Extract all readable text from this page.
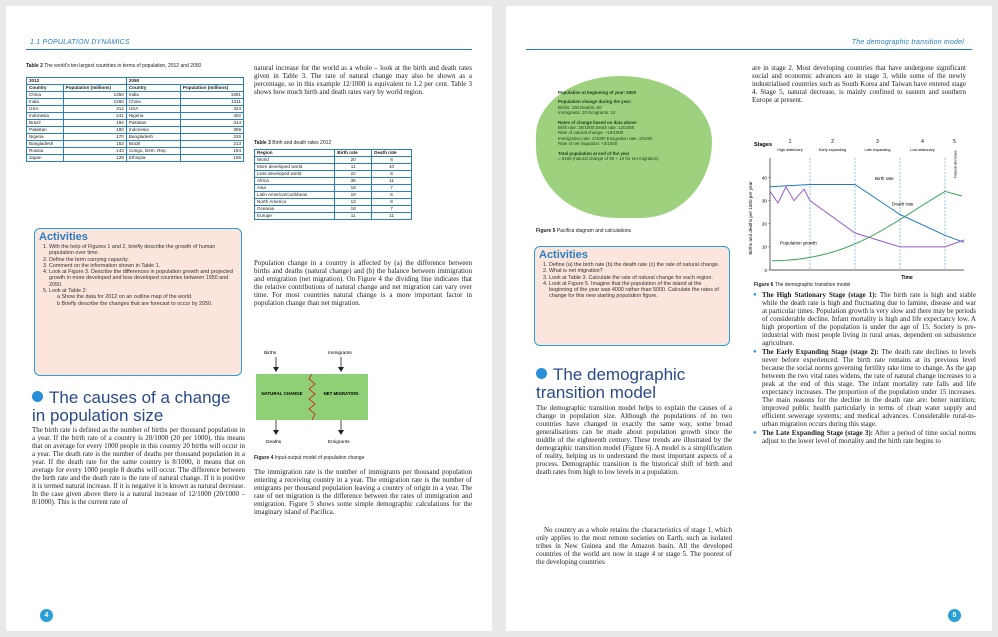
1.1 POPULATION DYNAMICS
Table 2 The world's ten largest countries in terms of population, 2012 and 2050
2012		2050	
Country	Population (millions)	Country	Population (millions)
China	1350	India	1691
India	1260	China	1311
USA	314	USA	423
Indonesia	241	Nigeria	402
Brazil	194	Pakistan	314
Pakistan	180	Indonesia	309
Nigeria	170	Bangladesh	226
Bangladesh	153	Brazil	213
Russia	143	Congo, Dem. Rep.	194
Japan	128	Ethiopia	166
natural increase for the world as a whole – look at the birth and death rates given in Table 3. The rate of natural change may also be shown as a percentage, so in this example 12/1000 is equivalent to 1.2 per cent. Table 3 shows how much birth and death rates vary by world region.
Table 3 Birth and death rates 2012
Region	Birth rate	Death rate
World	20	8
More developed world	11	10
Less developed world	22	8
Africa	36	11
Asia	18	7
Latin America/Caribbean	19	6
North America	13	8
Oceania	18	7
Europe	11	11
Activities
1. With the help of Figures 1 and 2, briefly describe the growth of human population over time.
2. Define the term carrying capacity.
3. Comment on the information shown in Table 1.
4. Look at Figure 3. Describe the differences in population growth and projected growth in more developed and less developed countries between 1950 and 2050.
5. Look at Table 2:
a Show the data for 2012 on an outline map of the world.
b Briefly describe the changes that are forecast to occur by 2050.
Population change in a country is affected by (a) the difference between births and deaths (natural change) and (b) the balance between immigration and emigration (net migration). On Figure 4 the dividing line indicates that the relative contributions of natural change and net migration can vary over time. For most countries natural change is a more important factor in population change than net migration.
Births	Immigrants
NATURAL CHANGE	NET MIGRATION
Deaths	Emigrants
Figure 4 Input-output model of population change
The causes of a change in population size
The birth rate is defined as the number of births per thousand population in a year. If the birth rate of a country is 20/1000 (20 per 1000), this means that on average for every 1000 people in this country 20 births will occur in a year. The death rate is the number of deaths per thousand population in a year. If the death rate for the same country is 8/1000, it means that on average for every 1000 people 8 deaths will occur. The difference between the birth rate and the death rate is the rate of natural change. If it is positive it is termed natural increase. If it is negative it is known as natural decrease. In the case given above there is a natural increase of 12/1000 (20/1000 – 8/1000). This is the current rate of
The immigration rate is the number of immigrants per thousand population entering a receiving country in a year. The emigration rate is the number of emigrants per thousand population leaving a country of origin in a year. The rate of net migration is the difference between the rates of immigration and emigration. Figure 5 shows some simple demographic calculations for the imaginary island of Pacifica.
4
The demographic transition model
Population at beginning of year: 5000
Population change during the year:
Births: 150 Deaths: 60
Immigrants: 20 Emigrants: 10
Rates of change based on data above
Birth rate: 30/1000 Death rate: 12/1000
Rate of natural change: +18/1000
Immigration rate: 4/1000 Emigration rate: 2/1000
Rate of net migration: +2/1000
Total population at end of the year
= 5100 (natural change of 90 + 10 for net migration)
Figure 5 Pacifica diagram and calculations
Activities
1. Define (a) the birth rate (b) the death rate (c) the rate of natural change.
2. What is net migration?
3. Look at Table 3. Calculate the rate of natural change for each region.
4. Look at Figure 5. Imagine that the population of the island at the beginning of the year was 4000 rather than 5000. Calculate the rates of change for this new starting population figure.
The demographic transition model
The demographic transition model helps to explain the causes of a change in population size. Although the populations of no two countries have changed in exactly the same way, some broad generalisations can be made about population growth since the middle of the eighteenth century. These trends are illustrated by the demographic transition model (Figure 6). A model is a simplification of reality, helping us to understand the most important aspects of a process. Demographic transition is the historical shift of birth and death rates from high to low levels in a population.
No country as a whole retains the characteristics of stage 1, which only applies to the most remote societies on Earth, such as isolated tribes in New Guinea and the Amazon basin. All the developed countries of the world are now in stage 4 or stage 5. The poorest of the developing countries
are in stage 2. Most developing countries that have undergone significant social and economic advances are in stage 3, while some of the newly industrialised countries such as South Korea and Taiwan have entered stage 4. Stage 5, natural decrease, is mainly confined to eastern and southern Europe at present.
Stages	1
High stationary
2
Early expanding
3
Late expanding
4
Low stationary
5
Natural decrease
Births and deaths per 1000 per year
0
10
20
30
40
Time
Birth rate
Death rate
Population growth
Figure 6 The demographic transition model
● The High Stationary Stage (stage 1): The birth rate is high and stable while the death rate is high and fluctuating due to famine, disease and war at particular times. Population growth is very slow and there may be periods of considerable decline. Infant mortality is high and life expectancy low. A high proportion of the population is under the age of 15. Society is pre-industrial with most people living in rural areas, dependent on subsistence agriculture.
● The Early Expanding Stage (stage 2): The death rate declines to levels never before experienced. The birth rate remains at its previous level because the social norms governing fertility take time to change. As the gap between the two vital rates widens, the rate of natural change increases to a peak at the end of this stage. The infant mortality rate falls and life expectancy increases. The proportion of the population under 15 increases. The main reasons for the decline in the death rate are: better nutrition; improved public health particularly in terms of clean water supply and efficient sewerage systems; and medical advances. Considerable rural-to-urban migration occurs during this stage.
● The Late Expanding Stage (stage 3): After a period of time social norms adjust to the lower level of mortality and the birth rate begins to
5
